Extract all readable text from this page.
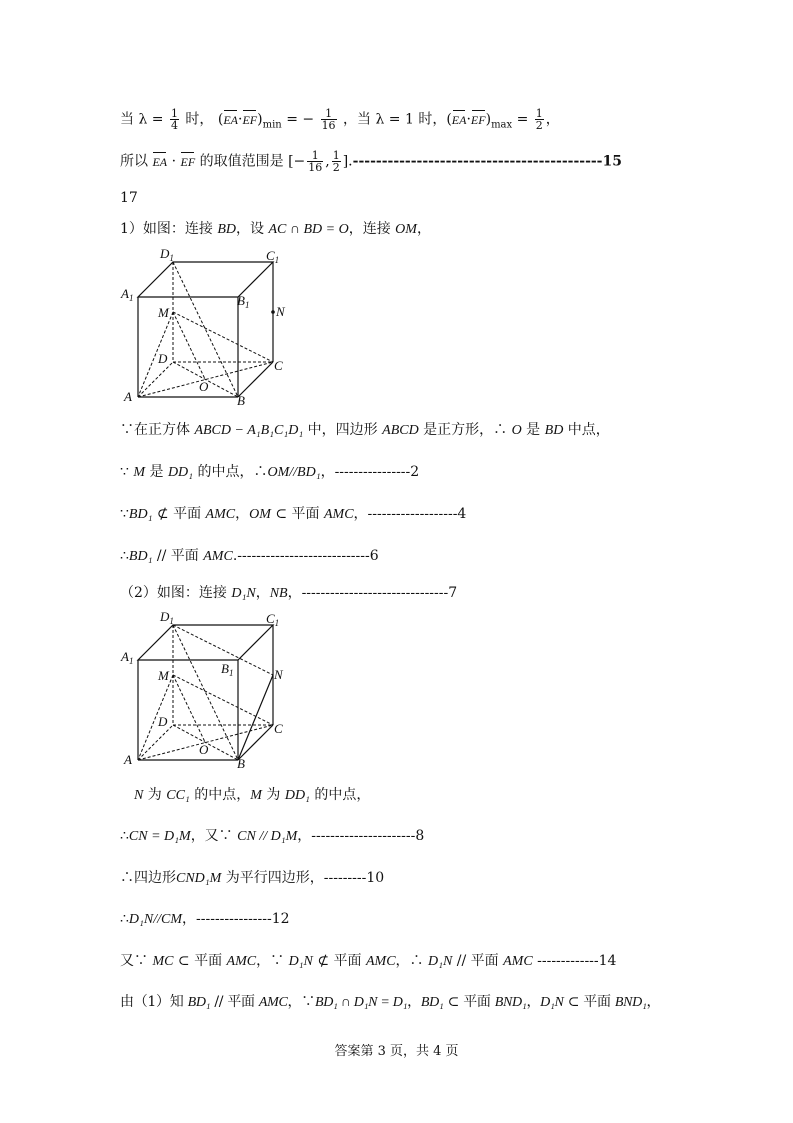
当 $\lambda = \frac{1}{4}$ 时， $(EA\cdot EF)_{min}$ = − $\frac{1}{16}$ ，当 λ = 1 时，$(EA\cdot EF)_{max} = \frac{1}{2}$ ，
所以 EA · EF 的取值范围是 [− $\frac{1}{16}$ , $\frac{1}{2} ].-------------------------------------------15$
17
1）如图：连接 BD，设 AC ∩ BD = O，连接 OM，
$D_1$	$C_1$
$A_1$	$B_1$ N
M
D	C
A
O
B
∵在正方体 ABCD − A₁B₁C₁D₁ 中，四边形 ABCD 是正方形，∴ O 是 BD 中点，
∵ M 是 DD₁ 的中点，∴OM//BD₁，----------------2
∵BD₁ ⊄ 平面 AMC，OM ⊂ 平面 AMC，-------------------4
∴BD₁ // 平面 AMC.----------------------------6
（2）如图：连接 D₁N，NB，-------------------------------7
$D_1$	$C_1$
$A_1$	$B_1$	N
M
D	C
A
O
B
N 为 CC₁ 的中点，M 为 DD₁ 的中点，
∴CN = D₁M，又∵ CN // D₁M，----------------------8
∴四边形CND₁M 为平行四边形，---------10
∴D₁N//CM，----------------12
又∵ MC ⊂ 平面 AMC，∵ D₁N ⊄ 平面 AMC，∴ D₁N // 平面 AMC -------------14
由（1）知 BD₁ // 平面 AMC，∵BD₁ ∩ D₁N = D₁，BD₁ ⊂ 平面 BND₁，D₁N ⊂ 平面 BND₁，
答案第 3 页，共 4 页
